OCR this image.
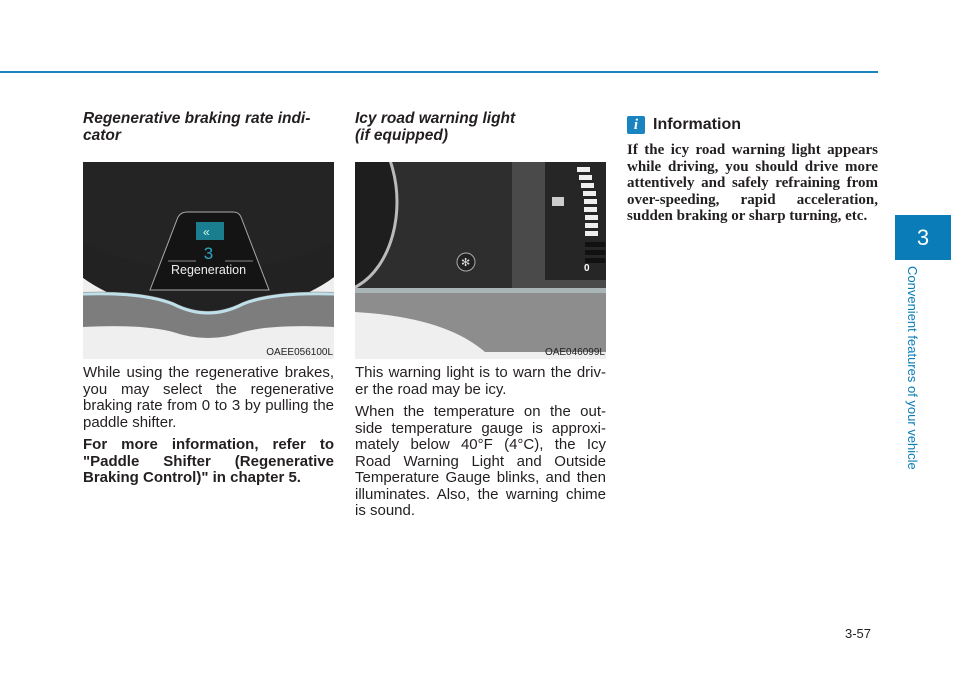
Regenerative braking rate indi-
cator
«
3
Regeneration
OAEE056100L

While using the regenerative brakes, you may select the regenerative braking rate from 0 to 3 by pulling the paddle shifter.

For more information, refer to "Paddle Shifter (Regenerative Braking Control)" in chapter 5.

Icy road warning light
(if equipped)
✻	0
OAE046099L

This warning light is to warn the driv-er the road may be icy.

When the temperature on the out-side temperature gauge is approxi-mately below 40°F (4°C), the Icy Road Warning Light and Outside Temperature Gauge blinks, and then illuminates. Also, the warning chime is sound.

i Information

If the icy road warning light appears while driving, you should drive more attentively and safely refraining from over-speeding, rapid acceleration, sudden braking or sharp turning, etc.

3
Convenient features of your vehicle
3-57
